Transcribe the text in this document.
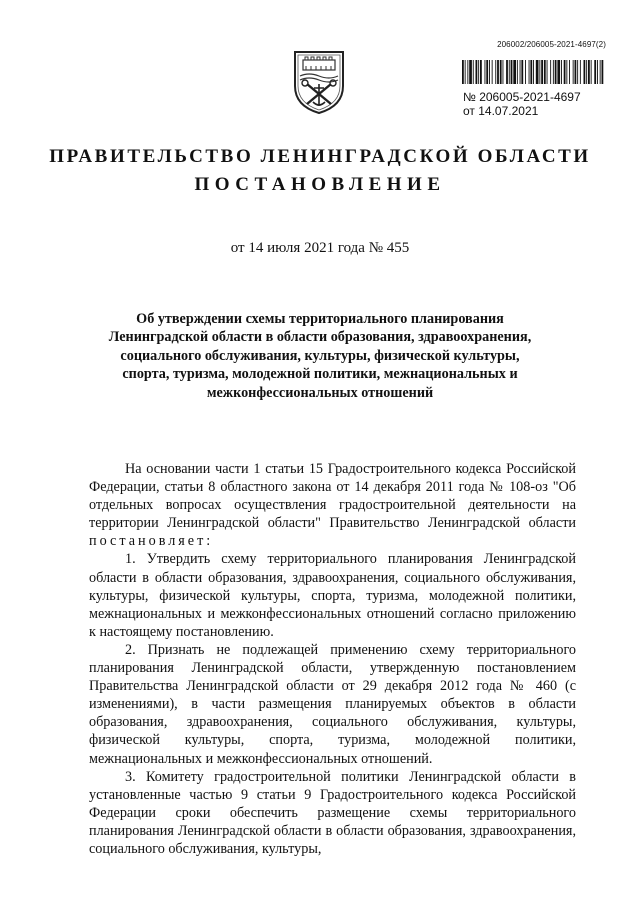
206002/206005-2021-4697(2)
№ 206005-2021-4697
от 14.07.2021
ПРАВИТЕЛЬСТВО ЛЕНИНГРАДСКОЙ ОБЛАСТИ
ПОСТАНОВЛЕНИЕ
от 14 июля 2021 года № 455
Об утверждении схемы территориального планирования Ленинградской области в области образования, здравоохранения, социального обслуживания, культуры, физической культуры, спорта, туризма, молодежной политики, межнациональных и межконфессиональных отношений

На основании части 1 статьи 15 Градостроительного кодекса Российской Федерации, статьи 8 областного закона от 14 декабря 2011 года № 108-оз "Об отдельных вопросах осуществления градостроительной деятельности на территории Ленинградской области" Правительство Ленинградской области постановляет:

1. Утвердить схему территориального планирования Ленинградской области в области образования, здравоохранения, социального обслуживания, культуры, физической культуры, спорта, туризма, молодежной политики, межнациональных и межконфессиональных отношений согласно приложению к настоящему постановлению.

2. Признать не подлежащей применению схему территориального планирования Ленинградской области, утвержденную постановлением Правительства Ленинградской области от 29 декабря 2012 года № 460 (с изменениями), в части размещения планируемых объектов в области образования, здравоохранения, социального обслуживания, культуры, физической культуры, спорта, туризма, молодежной политики, межнациональных и межконфессиональных отношений.

3. Комитету градостроительной политики Ленинградской области в установленные частью 9 статьи 9 Градостроительного кодекса Российской Федерации сроки обеспечить размещение схемы территориального планирования Ленинградской области в области образования, здравоохранения, социального обслуживания, культуры,
